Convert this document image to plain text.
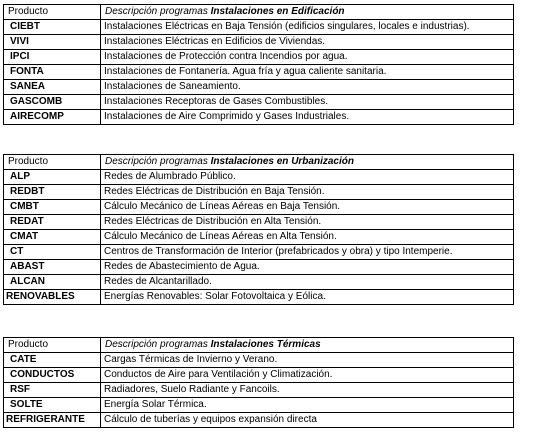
Producto	Descripción programas Instalaciones en Edificación
CIEBT	Instalaciones Eléctricas en Baja Tensión (edificios singulares, locales e industrias).
VIVI	Instalaciones Eléctricas en Edificios de Viviendas.
IPCI	Instalaciones de Protección contra Incendios por agua.
FONTA	Instalaciones de Fontanería. Agua fría y agua caliente sanitaria.
SANEA	Instalaciones de Saneamiento.
GASCOMB	Instalaciones Receptoras de Gases Combustibles.
AIRECOMP	Instalaciones de Aire Comprimido y Gases Industriales.
Producto	Descripción programas Instalaciones en Urbanización
ALP	Redes de Alumbrado Público.
REDBT	Redes Eléctricas de Distribución en Baja Tensión.
CMBT	Cálculo Mecánico de Líneas Aéreas en Baja Tensión.
REDAT	Redes Eléctricas de Distribución en Alta Tensión.
CMAT	Cálculo Mecánico de Líneas Aéreas en Alta Tensión.
CT	Centros de Transformación de Interior (prefabricados y obra) y tipo Intemperie.
ABAST	Redes de Abastecimiento de Agua.
ALCAN	Redes de Alcantarillado.
RENOVABLES	Energías Renovables: Solar Fotovoltaica y Eólica.
Producto	Descripción programas Instalaciones Térmicas
CATE	Cargas Térmicas de Invierno y Verano.
CONDUCTOS	Conductos de Aire para Ventilación y Climatización.
RSF	Radiadores, Suelo Radiante y Fancoils.
SOLTE	Energía Solar Térmica.
REFRIGERANTE	Cálculo de tuberías y equipos expansión directa
